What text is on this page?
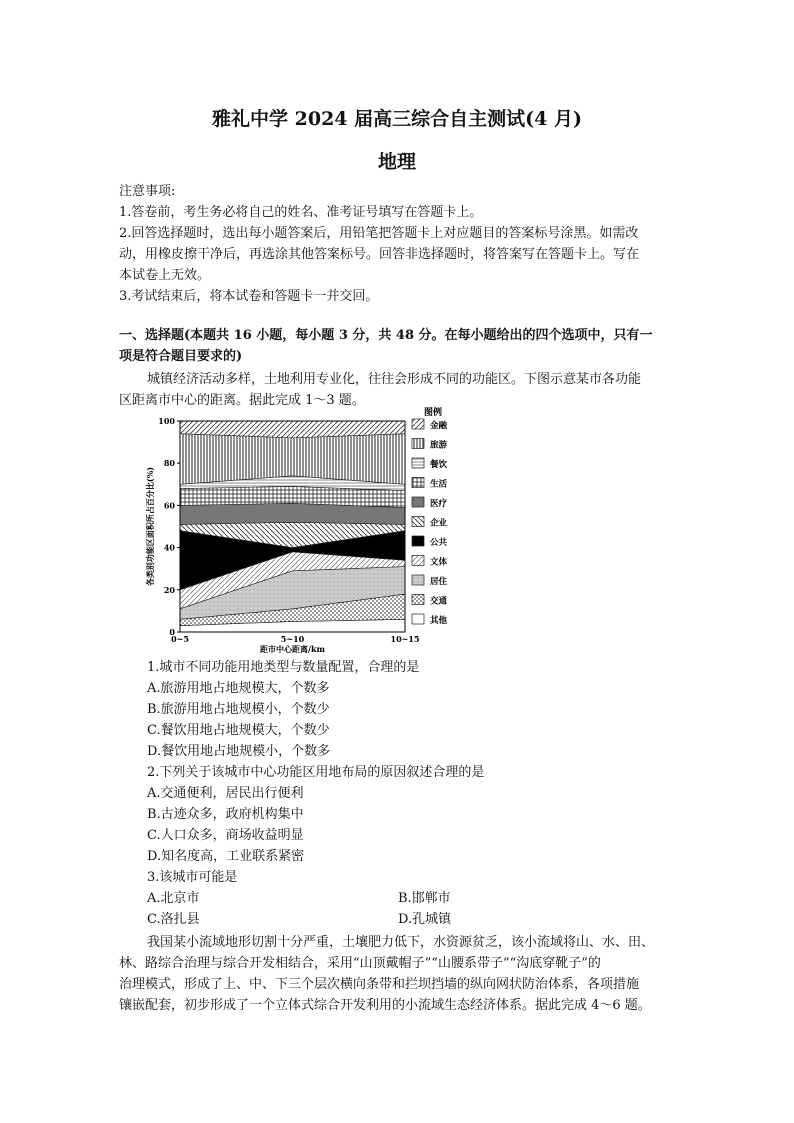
雅礼中学 2024 届高三综合自主测试(4 月)
地理
注意事项:
1.答卷前，考生务必将自己的姓名、准考证号填写在答题卡上。
2.回答选择题时，选出每小题答案后，用铅笔把答题卡上对应题目的答案标号涂黑。如需改
动，用橡皮擦干净后，再选涂其他答案标号。回答非选择题时，将答案写在答题卡上。写在
本试卷上无效。
3.考试结束后，将本试卷和答题卡一并交回。
一、选择题(本题共 16 小题，每小题 3 分，共 48 分。在每小题给出的四个选项中，只有一
项是符合题目要求的)
城镇经济活动多样，土地利用专业化，往往会形成不同的功能区。下图示意某市各功能
区距离市中心的距离。据此完成 1～3 题。
0
20
40
60
80
100
0~5	5~10	10~15
距市中心距离/km
各类别功能区面积所占百分比(%)
图例
金融
旅游
餐饮
生活
医疗
企业
公共
文体
居住
交通
其他
1.城市不同功能用地类型与数量配置，合理的是
A.旅游用地占地规模大，个数多
B.旅游用地占地规模小，个数少
C.餐饮用地占地规模大，个数少
D.餐饮用地占地规模小，个数多
2.下列关于该城市中心功能区用地布局的原因叙述合理的是
A.交通便利，居民出行便利
B.古迹众多，政府机构集中
C.人口众多，商场收益明显
D.知名度高，工业联系紧密
3.该城市可能是
A.北京市	B.邯郸市
C.洛扎县	D.孔城镇
我国某小流域地形切割十分严重，土壤肥力低下，水资源贫乏，该小流域将山、水、田、
林、路综合治理与综合开发相结合，采用“山顶戴帽子”“山腰系带子”“沟底穿靴子”的
治理模式，形成了上、中、下三个层次横向条带和拦坝挡墙的纵向网状防治体系，各项措施
镶嵌配套，初步形成了一个立体式综合开发利用的小流域生态经济体系。据此完成 4～6 题。
